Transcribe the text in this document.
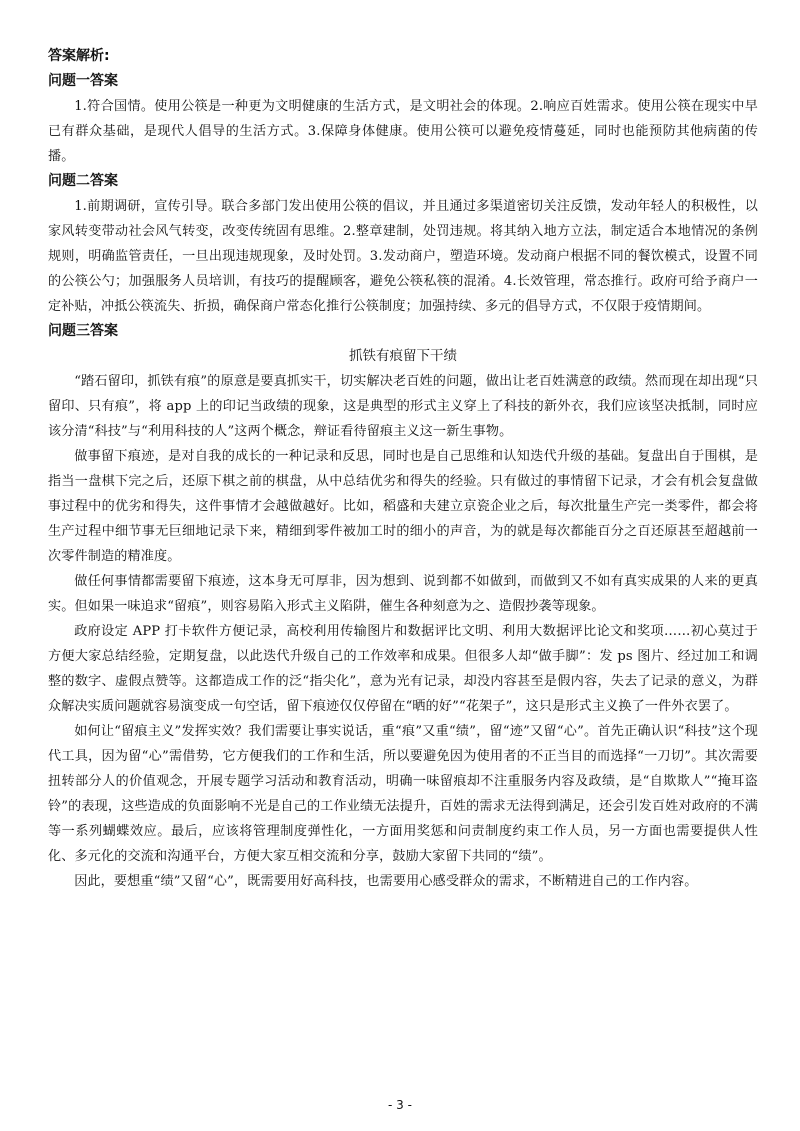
答案解析:

问题一答案

1.符合国情。使用公筷是一种更为文明健康的生活方式，是文明社会的体现。2.响应百姓需求。使用公筷在现实中早已有群众基础，是现代人倡导的生活方式。3.保障身体健康。使用公筷可以避免疫情蔓延，同时也能预防其他病菌的传播。

问题二答案

1.前期调研，宣传引导。联合多部门发出使用公筷的倡议，并且通过多渠道密切关注反馈，发动年轻人的积极性，以家风转变带动社会风气转变，改变传统固有思维。2.整章建制，处罚违规。将其纳入地方立法，制定适合本地情况的条例规则，明确监管责任，一旦出现违规现象，及时处罚。3.发动商户，塑造环境。发动商户根据不同的餐饮模式，设置不同的公筷公勺；加强服务人员培训，有技巧的提醒顾客，避免公筷私筷的混淆。4.长效管理，常态推行。政府可给予商户一定补贴，冲抵公筷流失、折损，确保商户常态化推行公筷制度；加强持续、多元的倡导方式，不仅限于疫情期间。

问题三答案

抓铁有痕留下干绩

“踏石留印，抓铁有痕”的原意是要真抓实干，切实解决老百姓的问题，做出让老百姓满意的政绩。然而现在却出现“只留印、只有痕”，将 app 上的印记当政绩的现象，这是典型的形式主义穿上了科技的新外衣，我们应该坚决抵制，同时应该分清“科技”与“利用科技的人”这两个概念，辩证看待留痕主义这一新生事物。

做事留下痕迹，是对自我的成长的一种记录和反思，同时也是自己思维和认知迭代升级的基础。复盘出自于围棋，是指当一盘棋下完之后，还原下棋之前的棋盘，从中总结优劣和得失的经验。只有做过的事情留下记录，才会有机会复盘做事过程中的优劣和得失，这件事情才会越做越好。比如，稻盛和夫建立京瓷企业之后，每次批量生产完一类零件，都会将生产过程中细节事无巨细地记录下来，精细到零件被加工时的细小的声音，为的就是每次都能百分之百还原甚至超越前一次零件制造的精准度。

做任何事情都需要留下痕迹，这本身无可厚非，因为想到、说到都不如做到，而做到又不如有真实成果的人来的更真实。但如果一味追求“留痕”，则容易陷入形式主义陷阱，催生各种刻意为之、造假抄袭等现象。

政府设定 APP 打卡软件方便记录，高校利用传输图片和数据评比文明、利用大数据评比论文和奖项……初心莫过于方便大家总结经验，定期复盘，以此迭代升级自己的工作效率和成果。但很多人却“做手脚”：发 ps 图片、经过加工和调整的数字、虚假点赞等。这都造成工作的泛“指尖化”，意为光有记录，却没内容甚至是假内容，失去了记录的意义，为群众解决实质问题就容易演变成一句空话，留下痕迹仅仅停留在“晒的好”“花架子”，这只是形式主义换了一件外衣罢了。

如何让“留痕主义”发挥实效？我们需要让事实说话，重“痕”又重“绩”，留“迹”又留“心”。首先正确认识“科技”这个现代工具，因为留“心”需借势，它方便我们的工作和生活，所以要避免因为使用者的不正当目的而选择“一刀切”。其次需要扭转部分人的价值观念，开展专题学习活动和教育活动，明确一味留痕却不注重服务内容及政绩，是“自欺欺人”“掩耳盗铃”的表现，这些造成的负面影响不光是自己的工作业绩无法提升，百姓的需求无法得到满足，还会引发百姓对政府的不满等一系列蝴蝶效应。最后，应该将管理制度弹性化，一方面用奖惩和问责制度约束工作人员，另一方面也需要提供人性化、多元化的交流和沟通平台，方便大家互相交流和分享，鼓励大家留下共同的“绩”。

因此，要想重“绩”又留“心”，既需要用好高科技，也需要用心感受群众的需求，不断精进自己的工作内容。

- 3 -
